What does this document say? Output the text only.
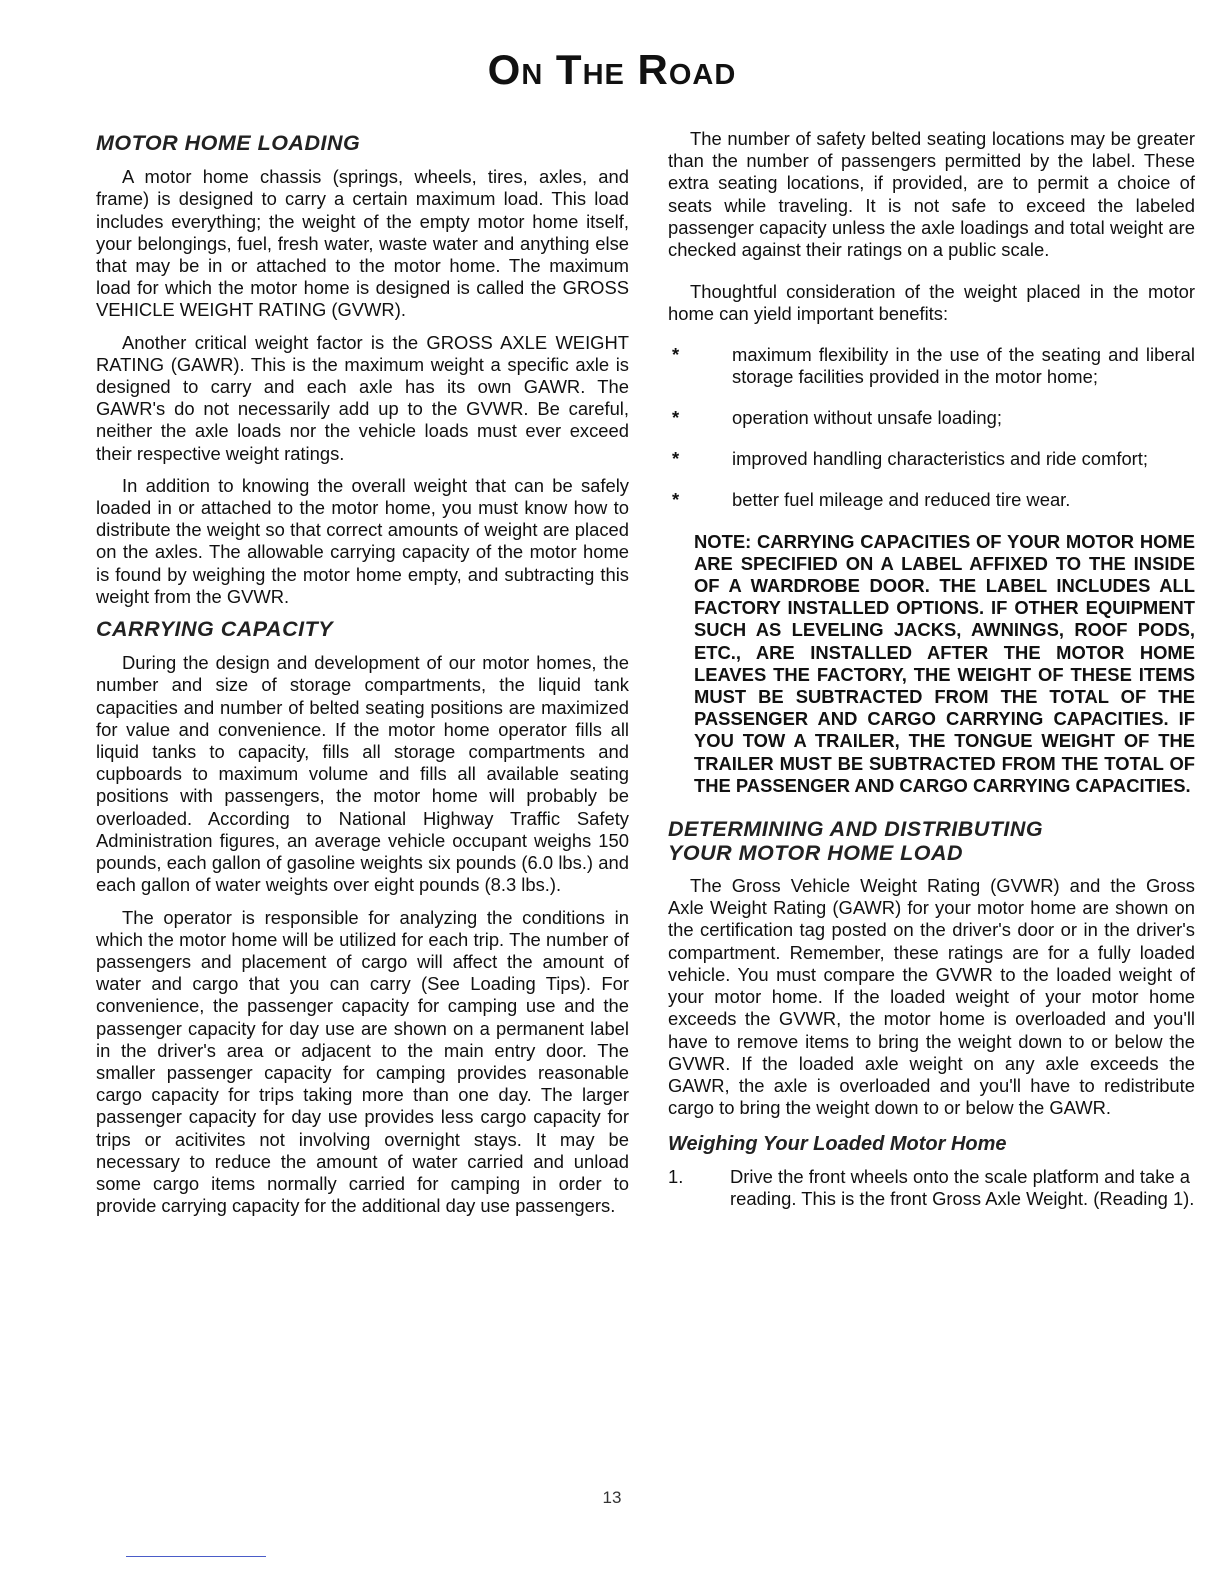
On The Road
MOTOR HOME LOADING

A motor home chassis (springs, wheels, tires, axles, and frame) is designed to carry a certain maximum load. This load includes everything; the weight of the empty motor home itself, your belongings, fuel, fresh water, waste water and anything else that may be in or attached to the motor home. The maximum load for which the motor home is designed is called the GROSS VEHICLE WEIGHT RATING (GVWR).

Another critical weight factor is the GROSS AXLE WEIGHT RATING (GAWR). This is the maximum weight a specific axle is designed to carry and each axle has its own GAWR. The GAWR's do not necessarily add up to the GVWR. Be careful, neither the axle loads nor the vehicle loads must ever exceed their respective weight ratings.

In addition to knowing the overall weight that can be safely loaded in or attached to the motor home, you must know how to distribute the weight so that correct amounts of weight are placed on the axles. The allowable carrying capacity of the motor home is found by weighing the motor home empty, and subtracting this weight from the GVWR.

CARRYING CAPACITY

During the design and development of our motor homes, the number and size of storage compartments, the liquid tank capacities and number of belted seating positions are maximized for value and convenience. If the motor home operator fills all liquid tanks to capacity, fills all storage compartments and cupboards to maximum volume and fills all available seating positions with passengers, the motor home will probably be overloaded. According to National Highway Traffic Safety Administration figures, an average vehicle occupant weighs 150 pounds, each gallon of gasoline weights six pounds (6.0 lbs.) and each gallon of water weights over eight pounds (8.3 lbs.).

The operator is responsible for analyzing the conditions in which the motor home will be utilized for each trip. The number of passengers and placement of cargo will affect the amount of water and cargo that you can carry (See Loading Tips). For convenience, the passenger capacity for camping use and the passenger capacity for day use are shown on a permanent label in the driver's area or adjacent to the main entry door. The smaller passenger capacity for camping provides reasonable cargo capacity for trips taking more than one day. The larger passenger capacity for day use provides less cargo capacity for trips or acitivites not involving overnight stays. It may be necessary to reduce the amount of water carried and unload some cargo items normally carried for camping in order to provide carrying capacity for the additional day use passengers.

The number of safety belted seating locations may be greater than the number of passengers permitted by the label. These extra seating locations, if provided, are to permit a choice of seats while traveling. It is not safe to exceed the labeled passenger capacity unless the axle loadings and total weight are checked against their ratings on a public scale.

Thoughtful consideration of the weight placed in the motor home can yield important benefits:

*	maximum flexibility in the use of the seating and liberal storage facilities provided in the motor home;
*	operation without unsafe loading;
*	improved handling characteristics and ride comfort;
*	better fuel mileage and reduced tire wear.
NOTE: CARRYING CAPACITIES OF YOUR MOTOR HOME ARE SPECIFIED ON A LABEL AFFIXED TO THE INSIDE OF A WARDROBE DOOR. THE LABEL INCLUDES ALL FACTORY INSTALLED OPTIONS. IF OTHER EQUIPMENT SUCH AS LEVELING JACKS, AWNINGS, ROOF PODS, ETC., ARE INSTALLED AFTER THE MOTOR HOME LEAVES THE FACTORY, THE WEIGHT OF THESE ITEMS MUST BE SUBTRACTED FROM THE TOTAL OF THE PASSENGER AND CARGO CARRYING CAPACITIES. IF YOU TOW A TRAILER, THE TONGUE WEIGHT OF THE TRAILER MUST BE SUBTRACTED FROM THE TOTAL OF THE PASSENGER AND CARGO CARRYING CAPACITIES.
DETERMINING AND DISTRIBUTING
YOUR MOTOR HOME LOAD

The Gross Vehicle Weight Rating (GVWR) and the Gross Axle Weight Rating (GAWR) for your motor home are shown on the certification tag posted on the driver's door or in the driver's compartment. Remember, these ratings are for a fully loaded vehicle. You must compare the GVWR to the loaded weight of your motor home. If the loaded weight of your motor home exceeds the GVWR, the motor home is overloaded and you'll have to remove items to bring the weight down to or below the GVWR. If the loaded axle weight on any axle exceeds the GAWR, the axle is overloaded and you'll have to redistribute cargo to bring the weight down to or below the GAWR.

Weighing Your Loaded Motor Home
1.	Drive the front wheels onto the scale platform and take a reading. This is the front Gross Axle Weight. (Reading 1).
13
